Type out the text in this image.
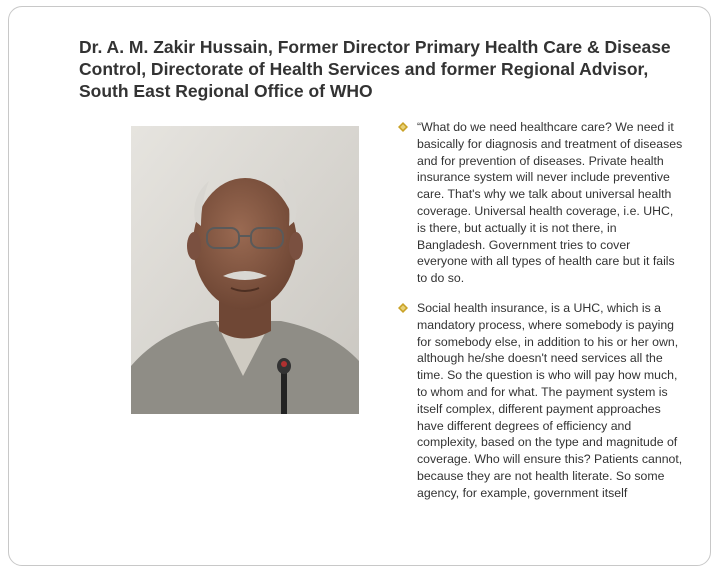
Dr. A. M. Zakir Hussain, Former Director Primary Health Care & Disease Control, Directorate of Health Services and former Regional Advisor, South East Regional Office of WHO
“What do we need healthcare care? We need it basically for diagnosis and treatment of diseases and for prevention of diseases. Private health insurance system will never include preventive care. That's why we talk about universal health coverage. Universal health coverage, i.e. UHC, is there, but actually it is not there, in Bangladesh. Government tries to cover everyone with all types of health care but it fails to do so.
Social health insurance, is a UHC, which is a mandatory process, where somebody is paying for somebody else, in addition to his or her own, although he/she doesn't need services all the time. So the question is who will pay how much, to whom and for what. The payment system is itself complex, different payment approaches have different degrees of efficiency and complexity, based on the type and magnitude of coverage. Who will ensure this? Patients cannot, because they are not health literate. So some agency, for example, government itself
